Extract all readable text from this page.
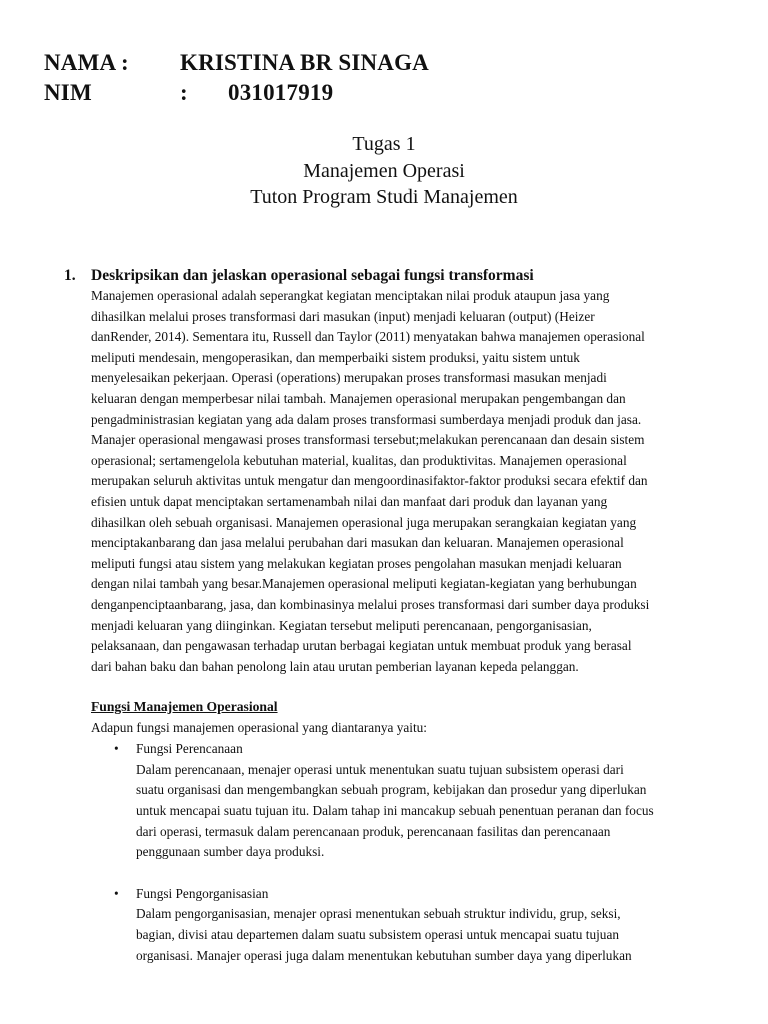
NAMA :	KRISTINA BR SINAGA
NIM	:	031017919
Tugas 1
Manajemen Operasi
Tuton Program Studi Manajemen
1. Deskripsikan dan jelaskan operasional sebagai fungsi transformasi
Manajemen operasional adalah seperangkat kegiatan menciptakan nilai produk ataupun jasa yang
dihasilkan melalui proses transformasi dari masukan (input) menjadi keluaran (output) (Heizer
danRender, 2014). Sementara itu, Russell dan Taylor (2011) menyatakan bahwa manajemen operasional
meliputi mendesain, mengoperasikan, dan memperbaiki sistem produksi, yaitu sistem untuk
menyelesaikan pekerjaan. Operasi (operations) merupakan proses transformasi masukan menjadi
keluaran dengan memperbesar nilai tambah. Manajemen operasional merupakan pengembangan dan
pengadministrasian kegiatan yang ada dalam proses transformasi sumberdaya menjadi produk dan jasa.
Manajer operasional mengawasi proses transformasi tersebut;melakukan perencanaan dan desain sistem
operasional; sertamengelola kebutuhan material, kualitas, dan produktivitas. Manajemen operasional
merupakan seluruh aktivitas untuk mengatur dan mengoordinasifaktor-faktor produksi secara efektif dan
efisien untuk dapat menciptakan sertamenambah nilai dan manfaat dari produk dan layanan yang
dihasilkan oleh sebuah organisasi. Manajemen operasional juga merupakan serangkaian kegiatan yang
menciptakanbarang dan jasa melalui perubahan dari masukan dan keluaran. Manajemen operasional
meliputi fungsi atau sistem yang melakukan kegiatan proses pengolahan masukan menjadi keluaran
dengan nilai tambah yang besar.Manajemen operasional meliputi kegiatan-kegiatan yang berhubungan
denganpenciptaanbarang, jasa, dan kombinasinya melalui proses transformasi dari sumber daya produksi
menjadi keluaran yang diinginkan. Kegiatan tersebut meliputi perencanaan, pengorganisasian,
pelaksanaan, dan pengawasan terhadap urutan berbagai kegiatan untuk membuat produk yang berasal
dari bahan baku dan bahan penolong lain atau urutan pemberian layanan kepeda pelanggan.
Fungsi Manajemen Operasional
Adapun fungsi manajemen operasional yang diantaranya yaitu:
•	Fungsi Perencanaan
Dalam perencanaan, menajer operasi untuk menentukan suatu tujuan subsistem operasi dari
suatu organisasi dan mengembangkan sebuah program, kebijakan dan prosedur yang diperlukan
untuk mencapai suatu tujuan itu. Dalam tahap ini mancakup sebuah penentuan peranan dan focus
dari operasi, termasuk dalam perencanaan produk, perencanaan fasilitas dan perencanaan
penggunaan sumber daya produksi.
•	Fungsi Pengorganisasian
Dalam pengorganisasian, menajer oprasi menentukan sebuah struktur individu, grup, seksi,
bagian, divisi atau departemen dalam suatu subsistem operasi untuk mencapai suatu tujuan
organisasi. Manajer operasi juga dalam menentukan kebutuhan sumber daya yang diperlukan
